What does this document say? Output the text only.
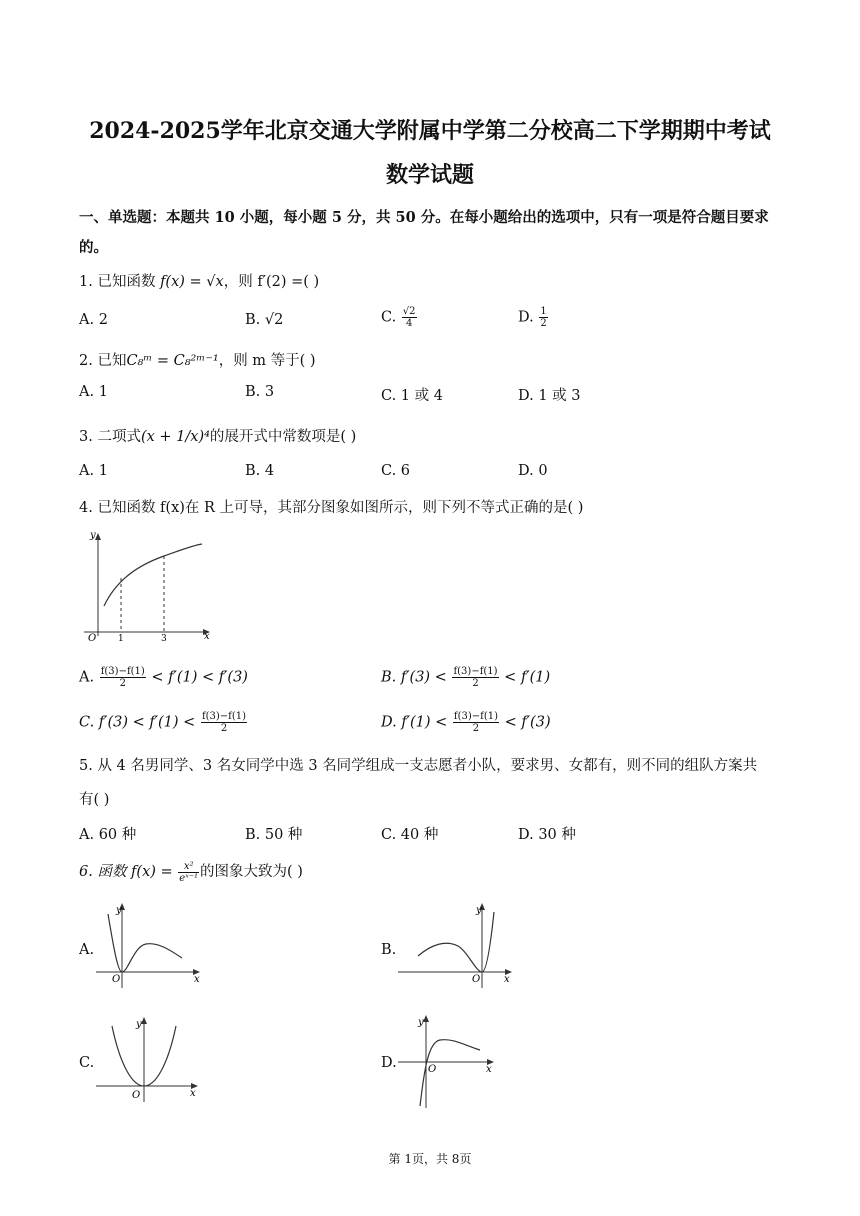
2024-2025学年北京交通大学附属中学第二分校高二下学期期中考试
数学试题
一、单选题：本题共 10 小题，每小题 5 分，共 50 分。在每小题给出的选项中，只有一项是符合题目要求
的。
1. 已知函数 f(x) = √x，则 f′(2) =( )
A. 2	B. √2	C. $\frac{√2}{4}$	D. $\frac{1}{2}$
2. 已知C₈ᵐ = C₈²ᵐ⁻¹，则 m 等于( )
A. 1	B. 3	C. 1 或 4	D. 1 或 3
3. 二项式(x + 1/x)⁴的展开式中常数项是( )
A. 1	B. 4	C. 6	D. 0
4. 已知函数 f(x)在 R 上可导，其部分图象如图所示，则下列不等式正确的是( )
y
x
O 1	3
A. $\frac{f(3)-f(1)}{2} < f'(1) < f'(3)$	B. $f'(3) < \frac{f(3)-f(1)}{2} < f'(1)$
C. $f'(3) < f'(1) < \frac{f(3)-f(1)}{2}$	D. $f'(1) < \frac{f(3)-f(1)}{2} < f'(3)$
5. 从 4 名男同学、3 名女同学中选 3 名同学组成一支志愿者小队，要求男、女都有，则不同的组队方案共
有( )
A. 60 种	B. 50 种	C. 40 种	D. 30 种
6. 函数 $f(x) = \frac{\text{x²}}{\text{eˣ⁻¹}}$ 的图象大致为( )
A.
y
x
O
B.
y
x
O
C.
y
x
O
D.
y
x
O
第 1页，共 8页
